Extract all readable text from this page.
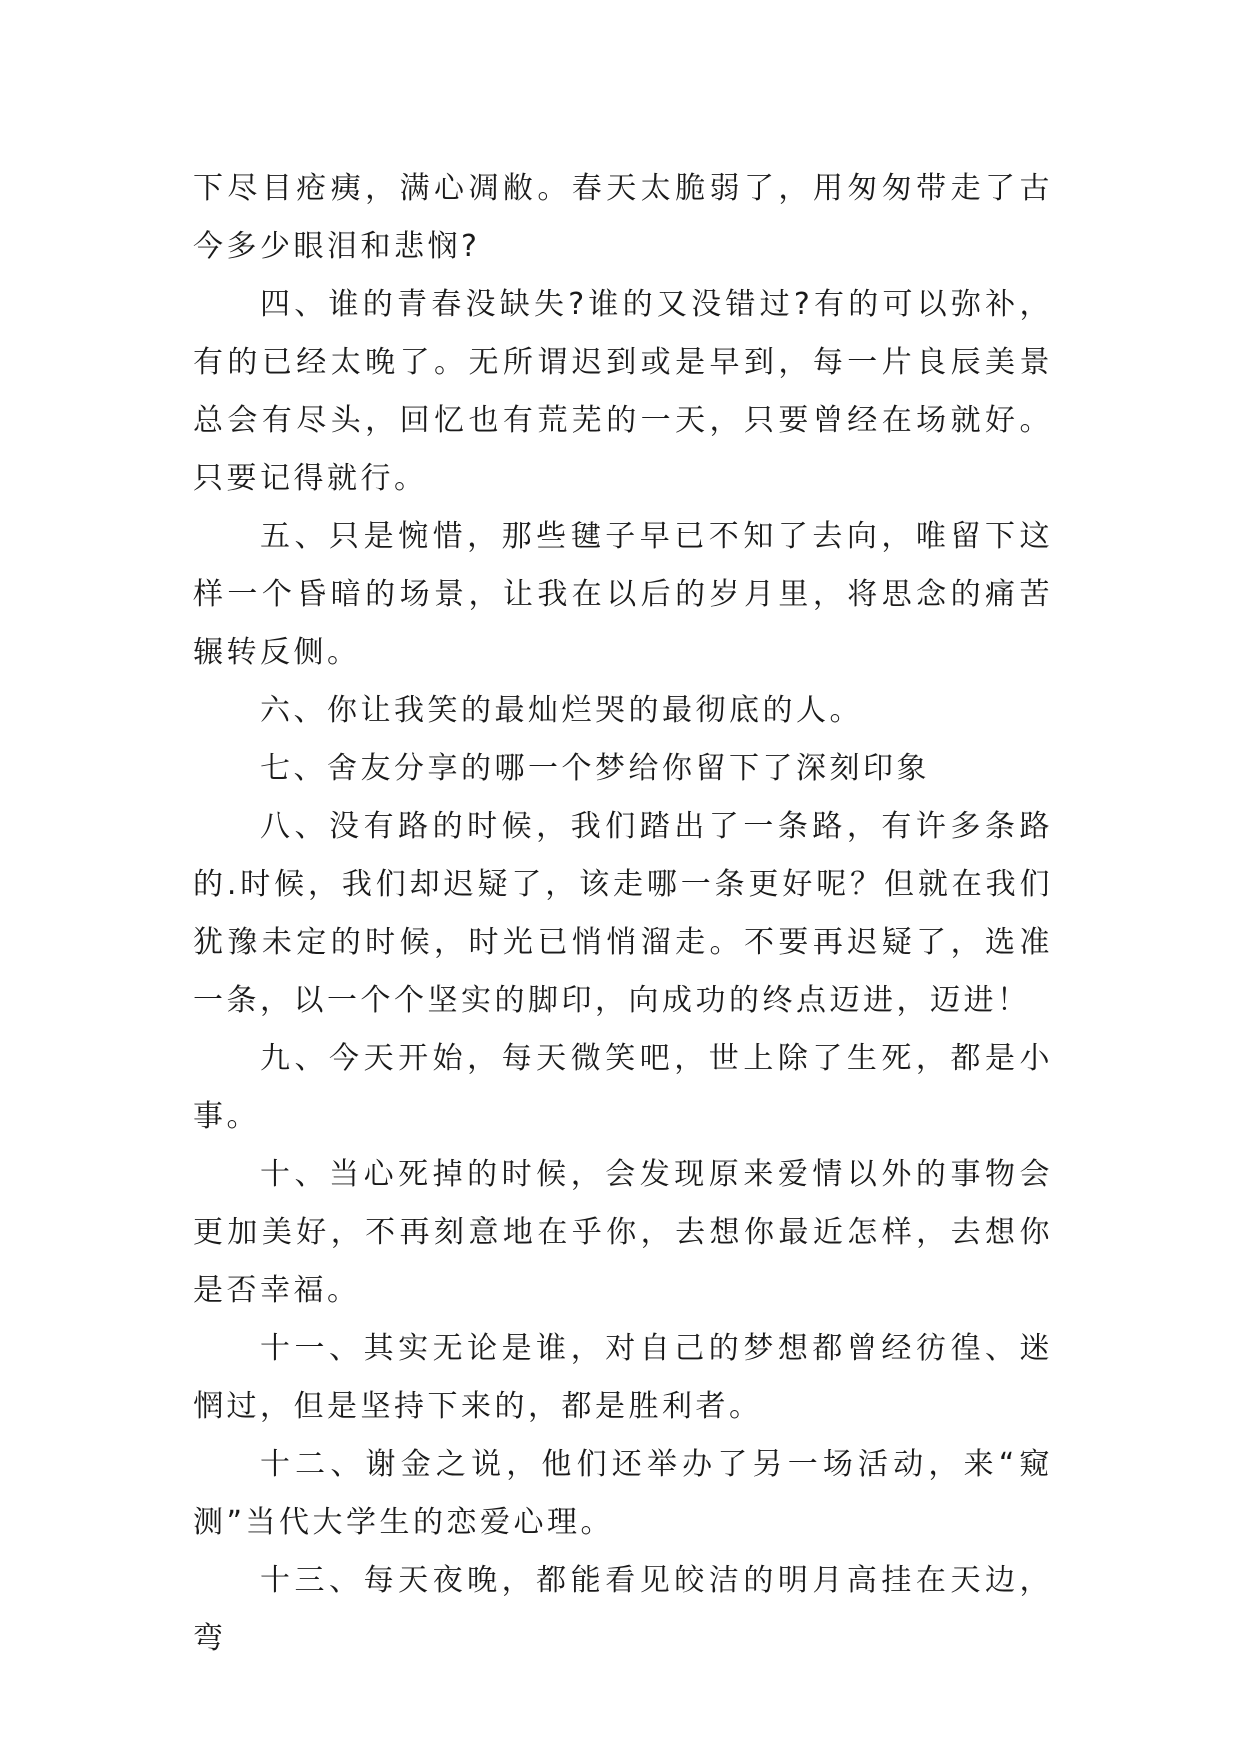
下尽目疮痍，满心凋敝。春天太脆弱了，用匆匆带走了古今多少眼泪和悲悯?

四、谁的青春没缺失?谁的又没错过?有的可以弥补，有的已经太晚了。无所谓迟到或是早到，每一片良辰美景总会有尽头，回忆也有荒芜的一天，只要曾经在场就好。只要记得就行。

五、只是惋惜，那些毽子早已不知了去向，唯留下这样一个昏暗的场景，让我在以后的岁月里，将思念的痛苦辗转反侧。

六、你让我笑的最灿烂哭的最彻底的人。

七、舍友分享的哪一个梦给你留下了深刻印象

八、没有路的时候，我们踏出了一条路，有许多条路的.时候，我们却迟疑了，该走哪一条更好呢？但就在我们犹豫未定的时候，时光已悄悄溜走。不要再迟疑了，选准一条，以一个个坚实的脚印，向成功的终点迈进，迈进！

九、今天开始，每天微笑吧，世上除了生死，都是小事。

十、当心死掉的时候，会发现原来爱情以外的事物会更加美好，不再刻意地在乎你，去想你最近怎样，去想你是否幸福。

十一、其实无论是谁，对自己的梦想都曾经彷徨、迷惘过，但是坚持下来的，都是胜利者。

十二、谢金之说，他们还举办了另一场活动，来“窥测”当代大学生的恋爱心理。

十三、每天夜晚，都能看见皎洁的明月高挂在天边，弯
